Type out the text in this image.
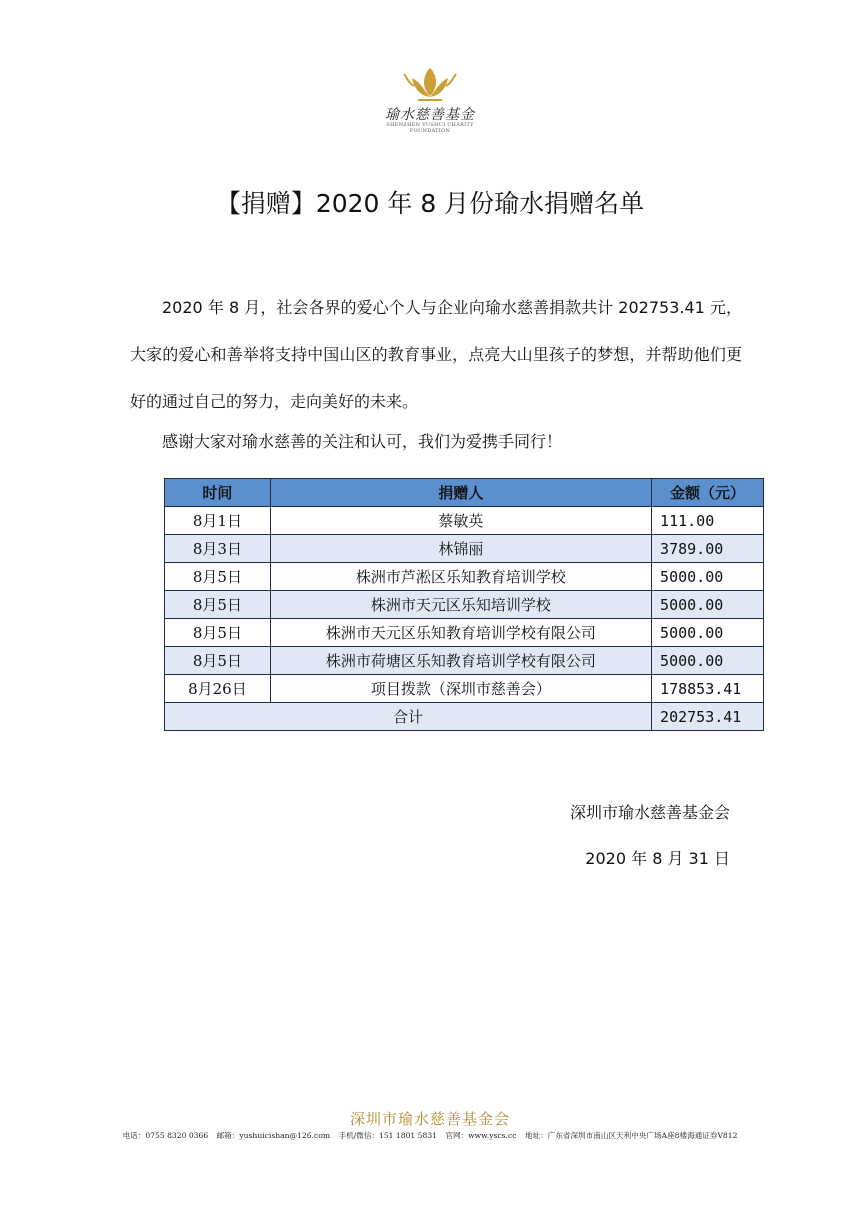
瑜水慈善基金
SHENZHEN YUSHUI CHARITY FOUNDATION
【捐赠】2020 年 8 月份瑜水捐赠名单

2020 年 8 月，社会各界的爱心个人与企业向瑜水慈善捐款共计 202753.41 元，大家的爱心和善举将支持中国山区的教育事业，点亮大山里孩子的梦想，并帮助他们更好的通过自己的努力，走向美好的未来。

感谢大家对瑜水慈善的关注和认可，我们为爱携手同行！

时间	捐赠人	金额（元）
8月1日	蔡敏英	111.00
8月3日	林锦丽	3789.00
8月5日	株洲市芦淞区乐知教育培训学校	5000.00
8月5日	株洲市天元区乐知培训学校	5000.00
8月5日	株洲市天元区乐知教育培训学校有限公司	5000.00
8月5日	株洲市荷塘区乐知教育培训学校有限公司	5000.00
8月26日	项目拨款（深圳市慈善会）	178853.41
合计		202753.41
深圳市瑜水慈善基金会
2020 年 8 月 31 日
深圳市瑜水慈善基金会
电话：0755 8320 0366 邮箱：yushuicishan@126.com 手机/微信：151 1801 5831 官网：www.yscs.cc 地址：广东省深圳市南山区天利中央广场A座8楼海通证券V812
